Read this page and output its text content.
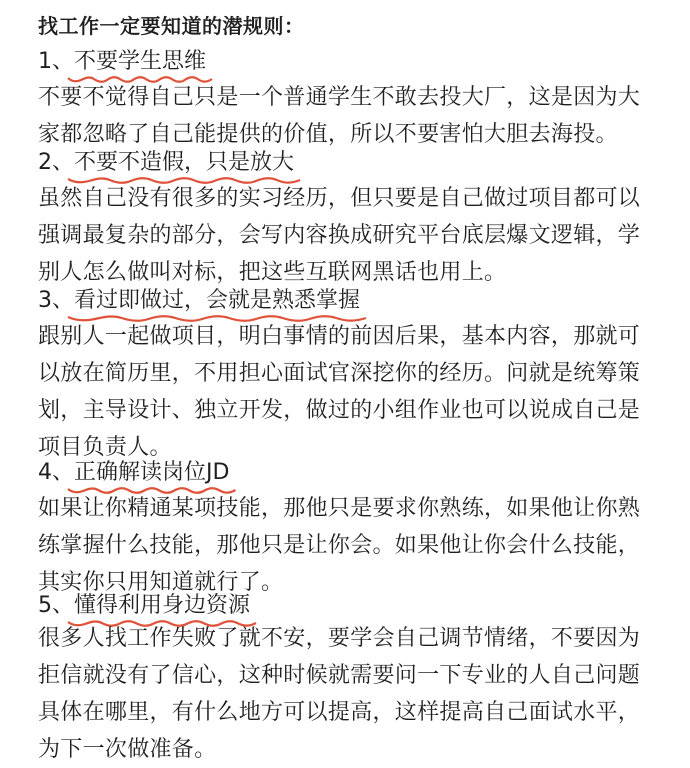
找工作一定要知道的潜规则：
1、不要学生思维
不要不觉得自己只是一个普通学生不敢去投大厂，这是因为大
家都忽略了自己能提供的价值，所以不要害怕大胆去海投。
2、不要不造假，只是放大
虽然自己没有很多的实习经历，但只要是自己做过项目都可以
强调最复杂的部分，会写内容换成研究平台底层爆文逻辑，学
别人怎么做叫对标，把这些互联网黑话也用上。
3、看过即做过，会就是熟悉掌握
跟别人一起做项目，明白事情的前因后果，基本内容，那就可
以放在简历里，不用担心面试官深挖你的经历。问就是统筹策
划，主导设计、独立开发，做过的小组作业也可以说成自己是
项目负责人。
4、正确解读岗位JD
如果让你精通某项技能，那他只是要求你熟练，如果他让你熟
练掌握什么技能，那他只是让你会。如果他让你会什么技能，
其实你只用知道就行了。
5、懂得利用身边资源
很多人找工作失败了就不安，要学会自己调节情绪，不要因为
拒信就没有了信心，这种时候就需要问一下专业的人自己问题
具体在哪里，有什么地方可以提高，这样提高自己面试水平，
为下一次做准备。
